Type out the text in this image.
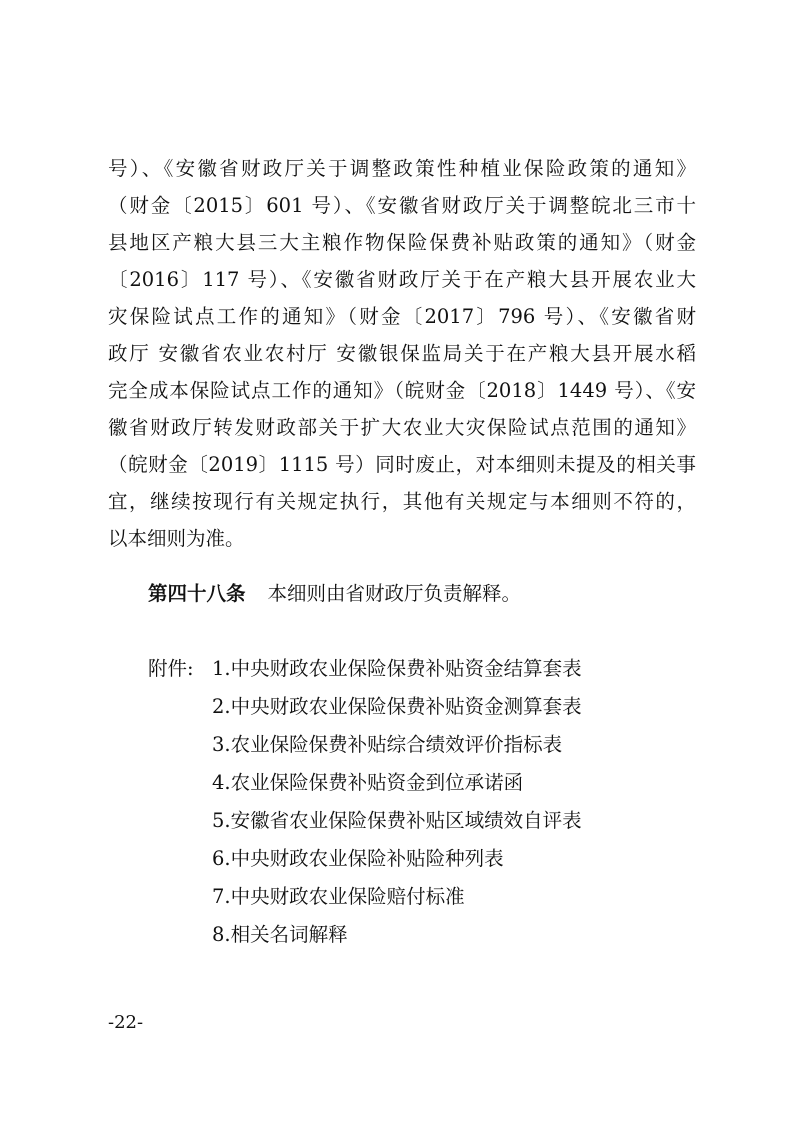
号）、《安徽省财政厅关于调整政策性种植业保险政策的通知》
（财金〔2015〕601 号）、《安徽省财政厅关于调整皖北三市十
县地区产粮大县三大主粮作物保险保费补贴政策的通知》（财金
〔2016〕117 号）、《安徽省财政厅关于在产粮大县开展农业大
灾保险试点工作的通知》（财金〔2017〕796 号）、《安徽省财
政厅 安徽省农业农村厅 安徽银保监局关于在产粮大县开展水稻
完全成本保险试点工作的通知》（皖财金〔2018〕1449 号）、《安
徽省财政厅转发财政部关于扩大农业大灾保险试点范围的通知》
（皖财金〔2019〕1115 号）同时废止，对本细则未提及的相关事
宜，继续按现行有关规定执行，其他有关规定与本细则不符的，
以本细则为准。
第四十八条 本细则由省财政厅负责解释。
附件: 1.中央财政农业保险保费补贴资金结算套表
2.中央财政农业保险保费补贴资金测算套表
3.农业保险保费补贴综合绩效评价指标表
4.农业保险保费补贴资金到位承诺函
5.安徽省农业保险保费补贴区域绩效自评表
6.中央财政农业保险补贴险种列表
7.中央财政农业保险赔付标准
8.相关名词解释
-22-
